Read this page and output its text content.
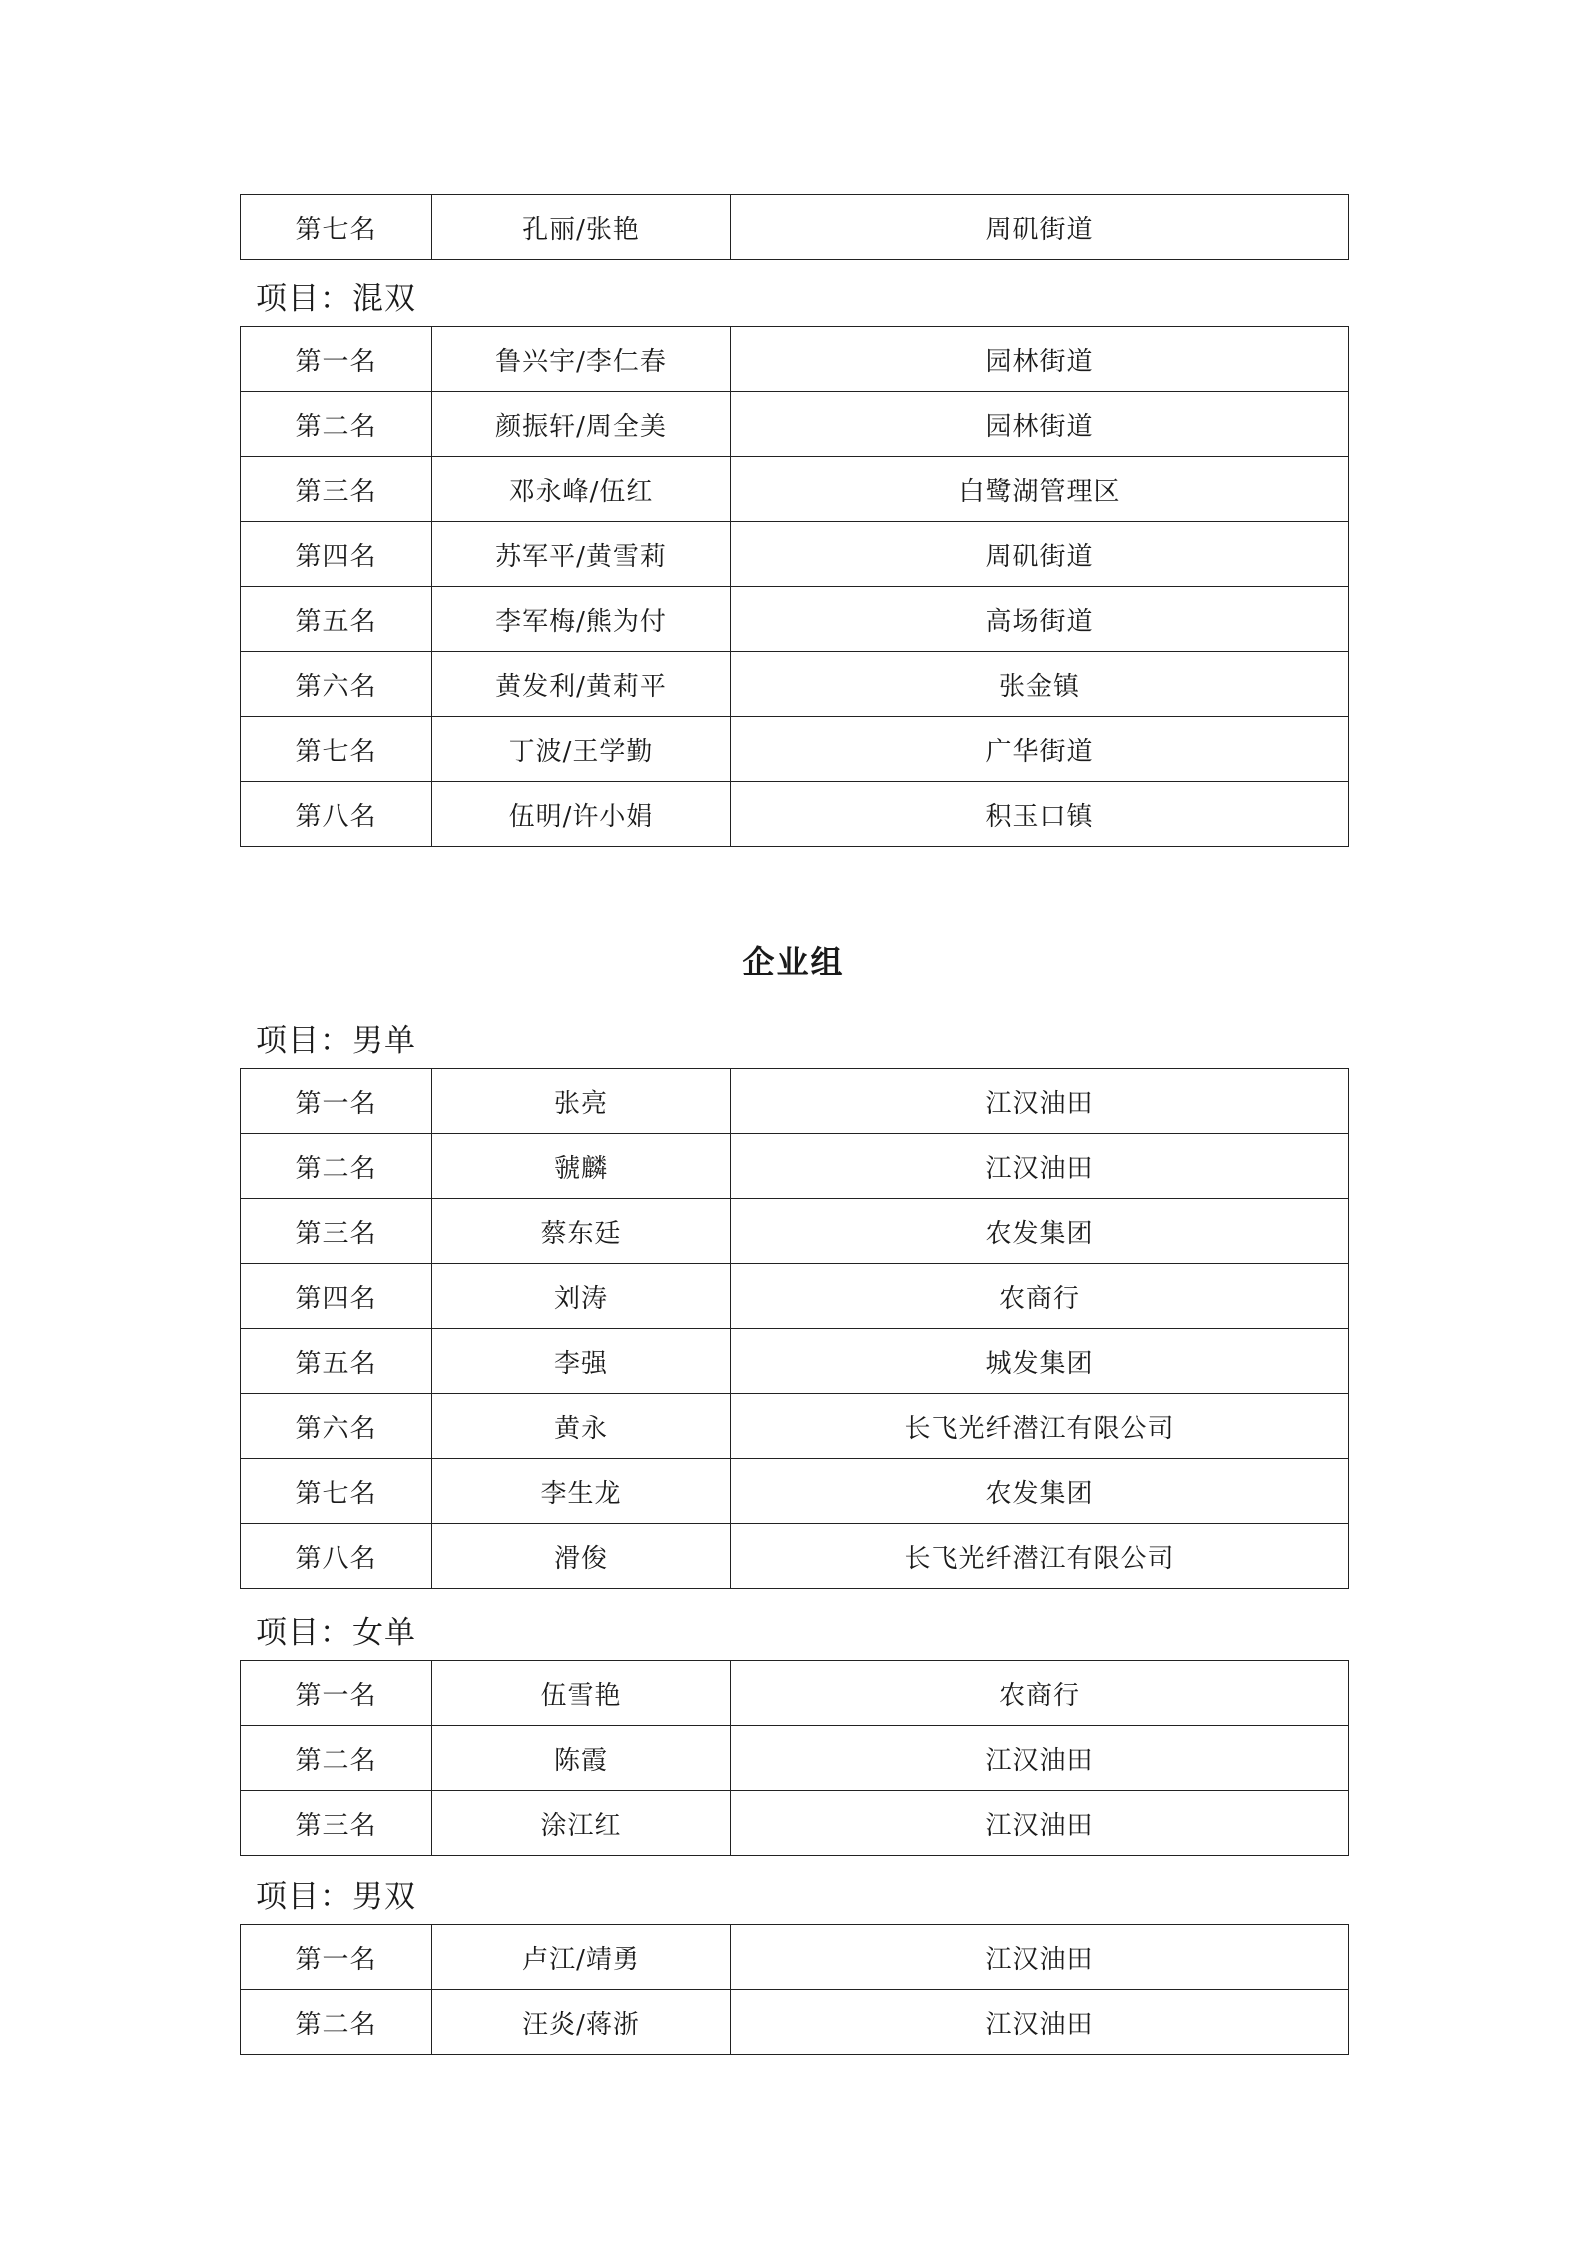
第七名	孔丽/张艳	周矶街道
项目：混双
第一名	鲁兴宇/李仁春	园林街道
第二名	颜振轩/周全美	园林街道
第三名	邓永峰/伍红	白鹭湖管理区
第四名	苏军平/黄雪莉	周矶街道
第五名	李军梅/熊为付	高场街道
第六名	黄发利/黄莉平	张金镇
第七名	丁波/王学勤	广华街道
第八名	伍明/许小娟	积玉口镇
企业组
项目：男单
第一名	张亮	江汉油田
第二名	虢麟	江汉油田
第三名	蔡东廷	农发集团
第四名	刘涛	农商行
第五名	李强	城发集团
第六名	黄永	长飞光纤潜江有限公司
第七名	李生龙	农发集团
第八名	滑俊	长飞光纤潜江有限公司
项目：女单
第一名	伍雪艳	农商行
第二名	陈霞	江汉油田
第三名	涂江红	江汉油田
项目：男双
第一名	卢江/靖勇	江汉油田
第二名	汪炎/蒋浙	江汉油田
